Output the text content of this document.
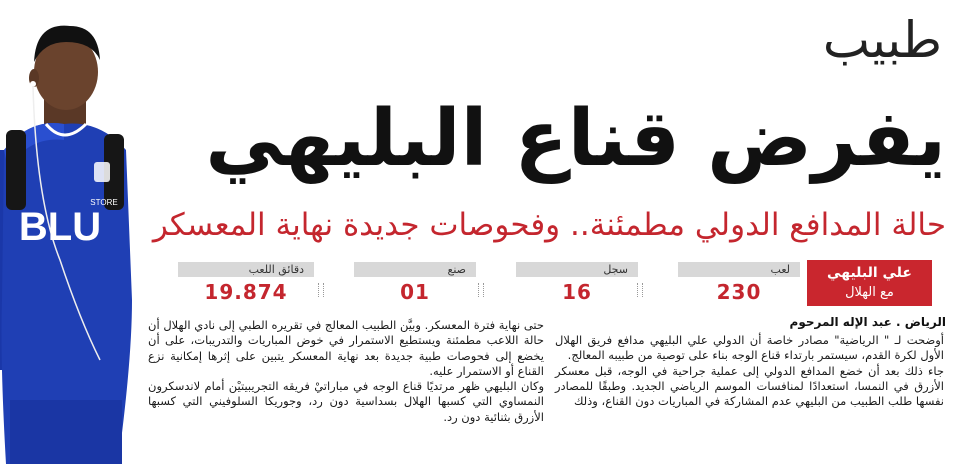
STORE
BLU
طبيب
يفرض قناع البليهي
حالة المدافع الدولي مطمئنة.. وفحوصات جديدة نهاية المعسكر
علي البليهي
مع الهلال
لعب
230
سجل
16
صنع
01
دقائق اللعب
19.874
الرياض . عبد الإله المرحوم

أوضحت لـ " الرياضية" مصادر خاصة أن الدولي علي البليهي مدافع فريق الهلال الأول لكرة القدم، سيستمر بارتداء قناع الوجه بناء على توصية من طبيبه المعالج.

جاء ذلك بعد أن خضع المدافع الدولي إلى عملية جراحية في الوجه، قبل معسكر الأزرق في النمسا، استعدادًا لمنافسات الموسم الرياضي الجديد. وطبقًا للمصادر نفسها طلب الطبيب من البليهي عدم المشاركة في المباريات دون القناع، وذلك

حتى نهاية فترة المعسكر. وبيَّن الطبيب المعالج في تقريره الطبي إلى نادي الهلال أن حالة اللاعب مطمئنة ويستطيع الاستمرار في خوض المباريات والتدريبات، على أن يخضع إلى فحوصات طبية جديدة بعد نهاية المعسكر يتبين على إثرها إمكانية نزع القناع أو الاستمرار عليه.

وكان البليهي ظهر مرتديًا قناع الوجه في مباراتيْ فريقه التجريبيتيْن أمام لاندسكرون النمساوي التي كسبها الهلال بسداسية دون رد، وجوريكا السلوفيني التي كسبها الأزرق بثنائية دون رد.
